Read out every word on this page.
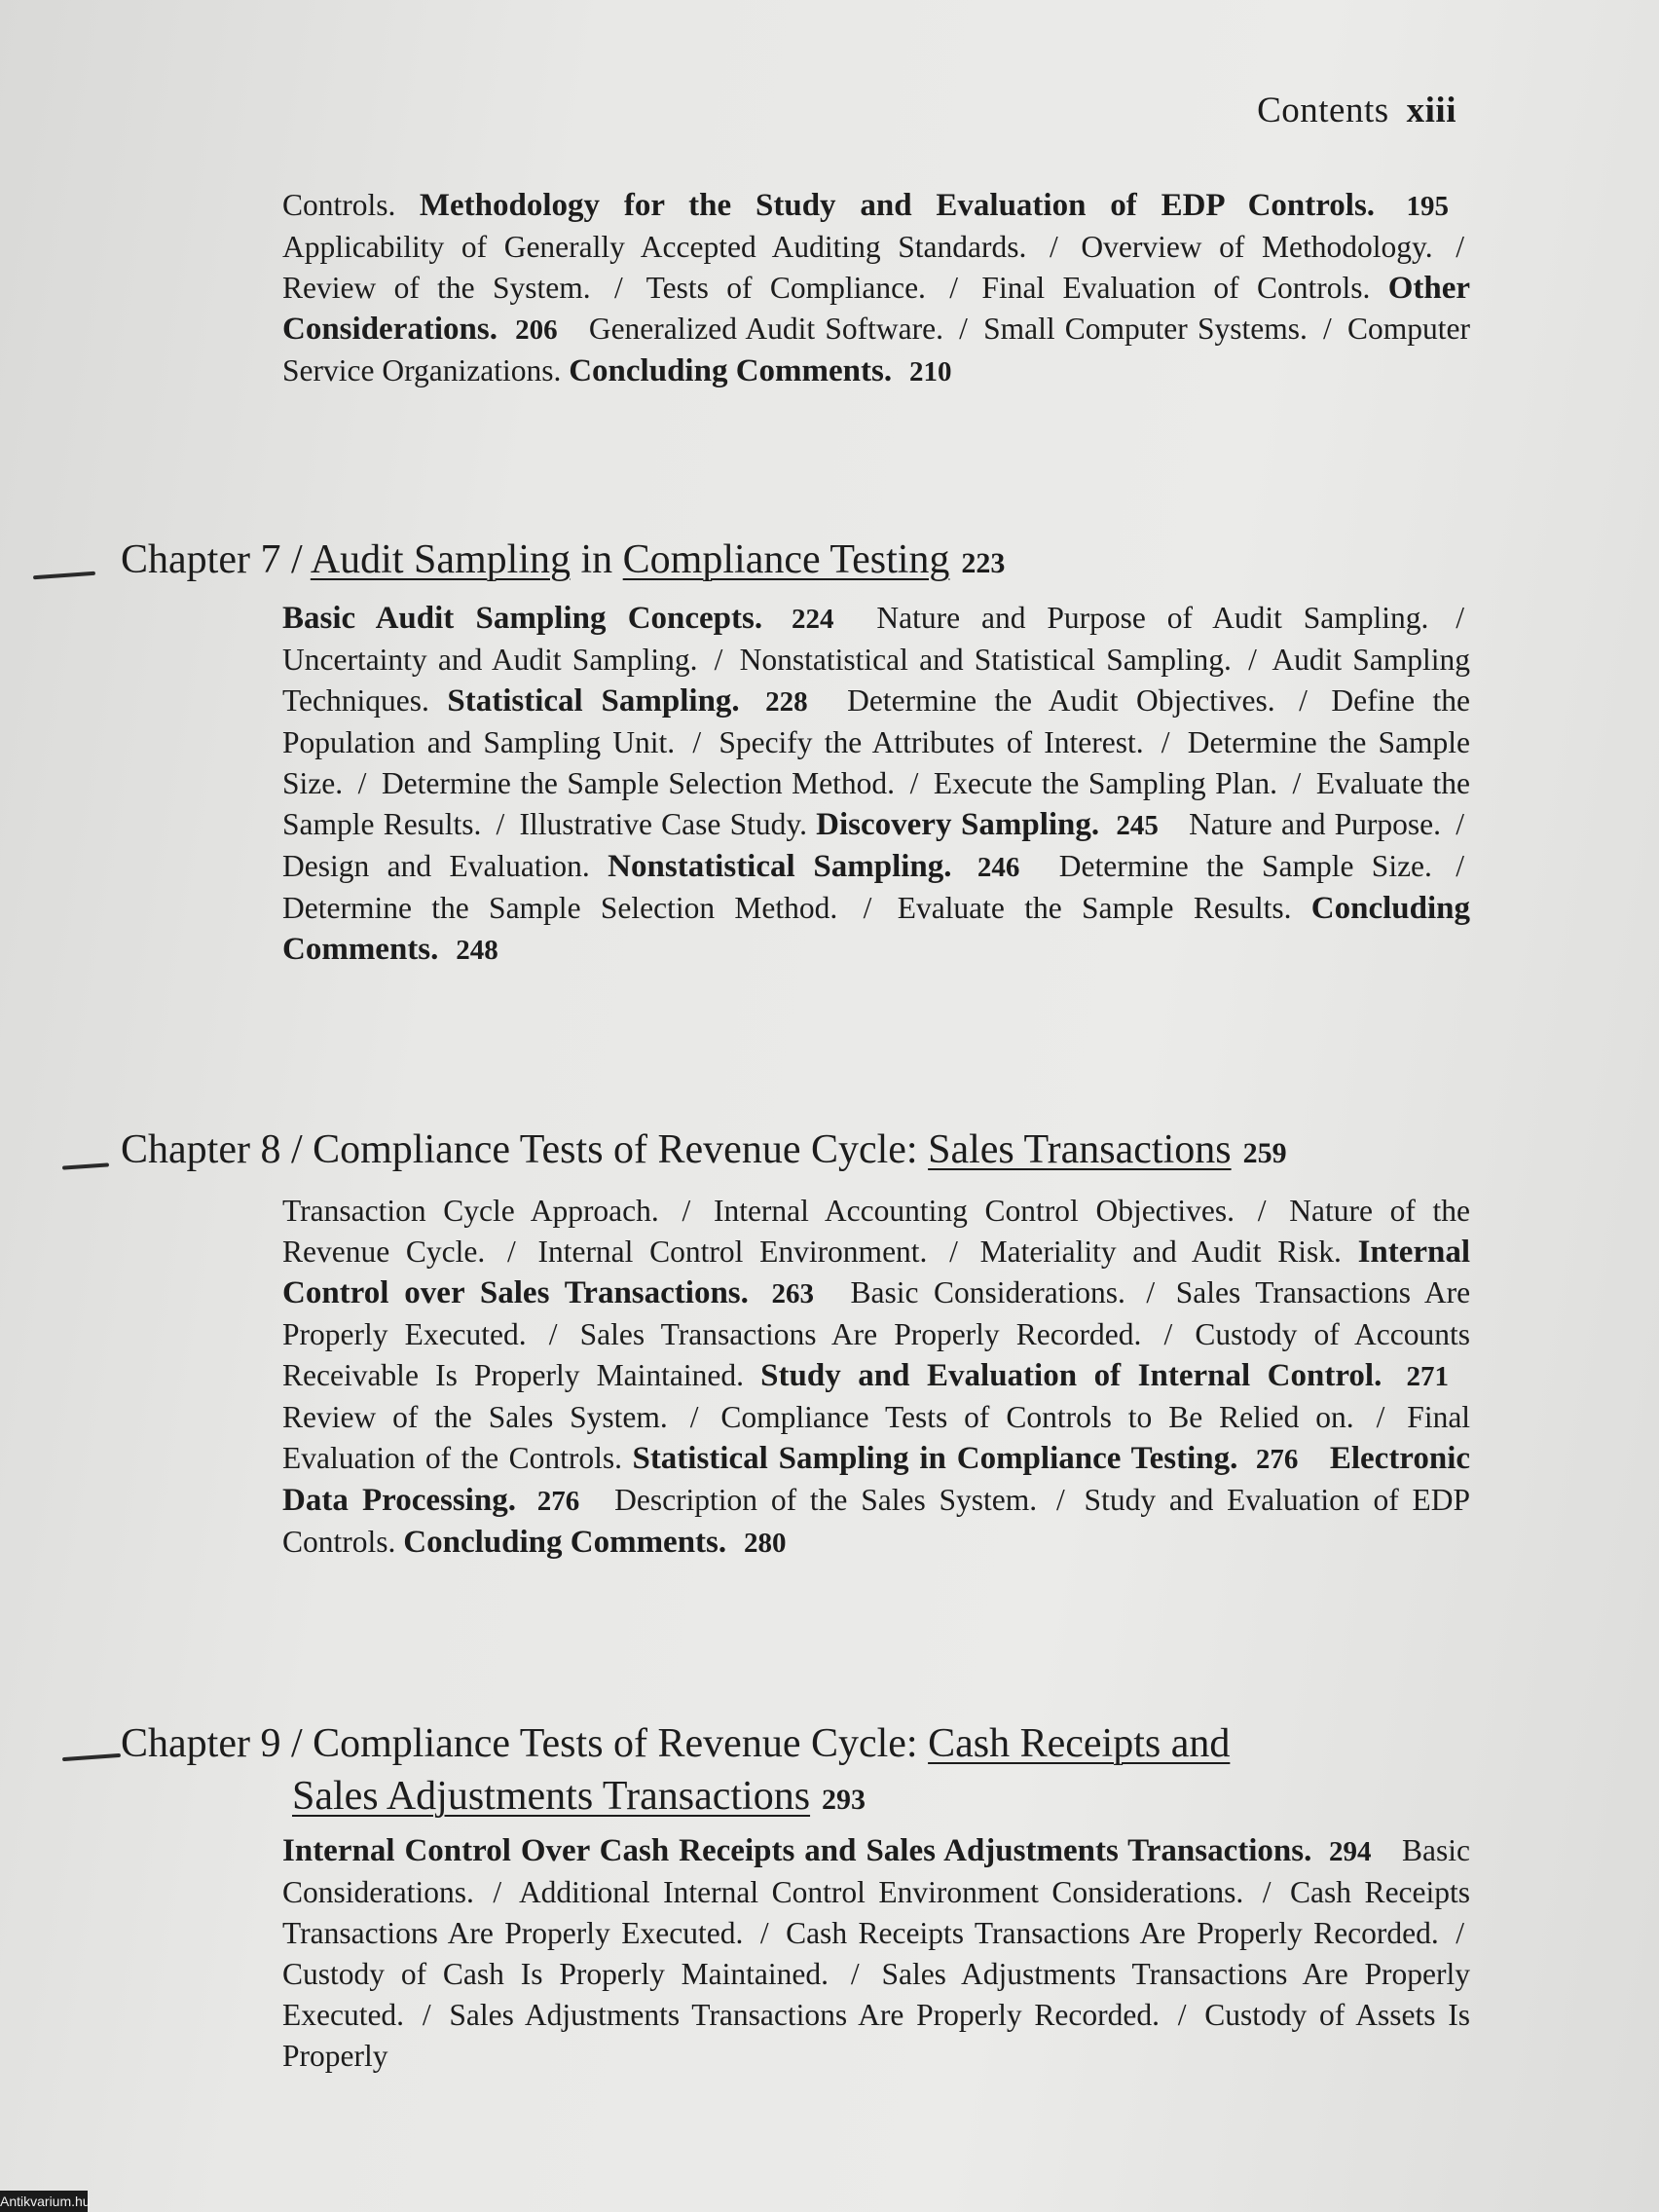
Contents xiii
Controls. Methodology for the Study and Evaluation of EDP Controls. 195 Applicability of Generally Accepted Auditing Standards. / Overview of Methodology. / Review of the System. / Tests of Compliance. / Final Evaluation of Controls. Other Considerations. 206 Generalized Audit Software. / Small Computer Systems. / Computer Service Organizations. Concluding Comments. 210
Chapter 7 / Audit Sampling in Compliance Testing 223
Basic Audit Sampling Concepts. 224 Nature and Purpose of Audit Sampling. / Uncertainty and Audit Sampling. / Nonstatistical and Statistical Sampling. / Audit Sampling Techniques. Statistical Sampling. 228 Determine the Audit Objectives. / Define the Population and Sampling Unit. / Specify the Attributes of Interest. / Determine the Sample Size. / Determine the Sample Selection Method. / Execute the Sampling Plan. / Evaluate the Sample Results. / Illustrative Case Study. Discovery Sampling. 245 Nature and Purpose. / Design and Evaluation. Nonstatistical Sampling. 246 Determine the Sample Size. / Determine the Sample Selection Method. / Evaluate the Sample Results. Concluding Comments. 248
Chapter 8 / Compliance Tests of Revenue Cycle: Sales Transactions 259
Transaction Cycle Approach. / Internal Accounting Control Objectives. / Nature of the Revenue Cycle. / Internal Control Environment. / Materiality and Audit Risk. Internal Control over Sales Transactions. 263 Basic Considerations. / Sales Transactions Are Properly Executed. / Sales Transactions Are Properly Recorded. / Custody of Accounts Receivable Is Properly Maintained. Study and Evaluation of Internal Control. 271 Review of the Sales System. / Compliance Tests of Controls to Be Relied on. / Final Evaluation of the Controls. Statistical Sampling in Compliance Testing. 276 Electronic Data Processing. 276 Description of the Sales System. / Study and Evaluation of EDP Controls. Concluding Comments. 280
Chapter 9 / Compliance Tests of Revenue Cycle: Cash Receipts and
Sales Adjustments Transactions 293
Internal Control Over Cash Receipts and Sales Adjustments Transactions. 294 Basic Considerations. / Additional Internal Control Environment Considerations. / Cash Receipts Transactions Are Properly Executed. / Cash Receipts Transactions Are Properly Recorded. / Custody of Cash Is Properly Maintained. / Sales Adjustments Transactions Are Properly Executed. / Sales Adjustments Transactions Are Properly Recorded. / Custody of Assets Is Properly
Antikvarium.hu
